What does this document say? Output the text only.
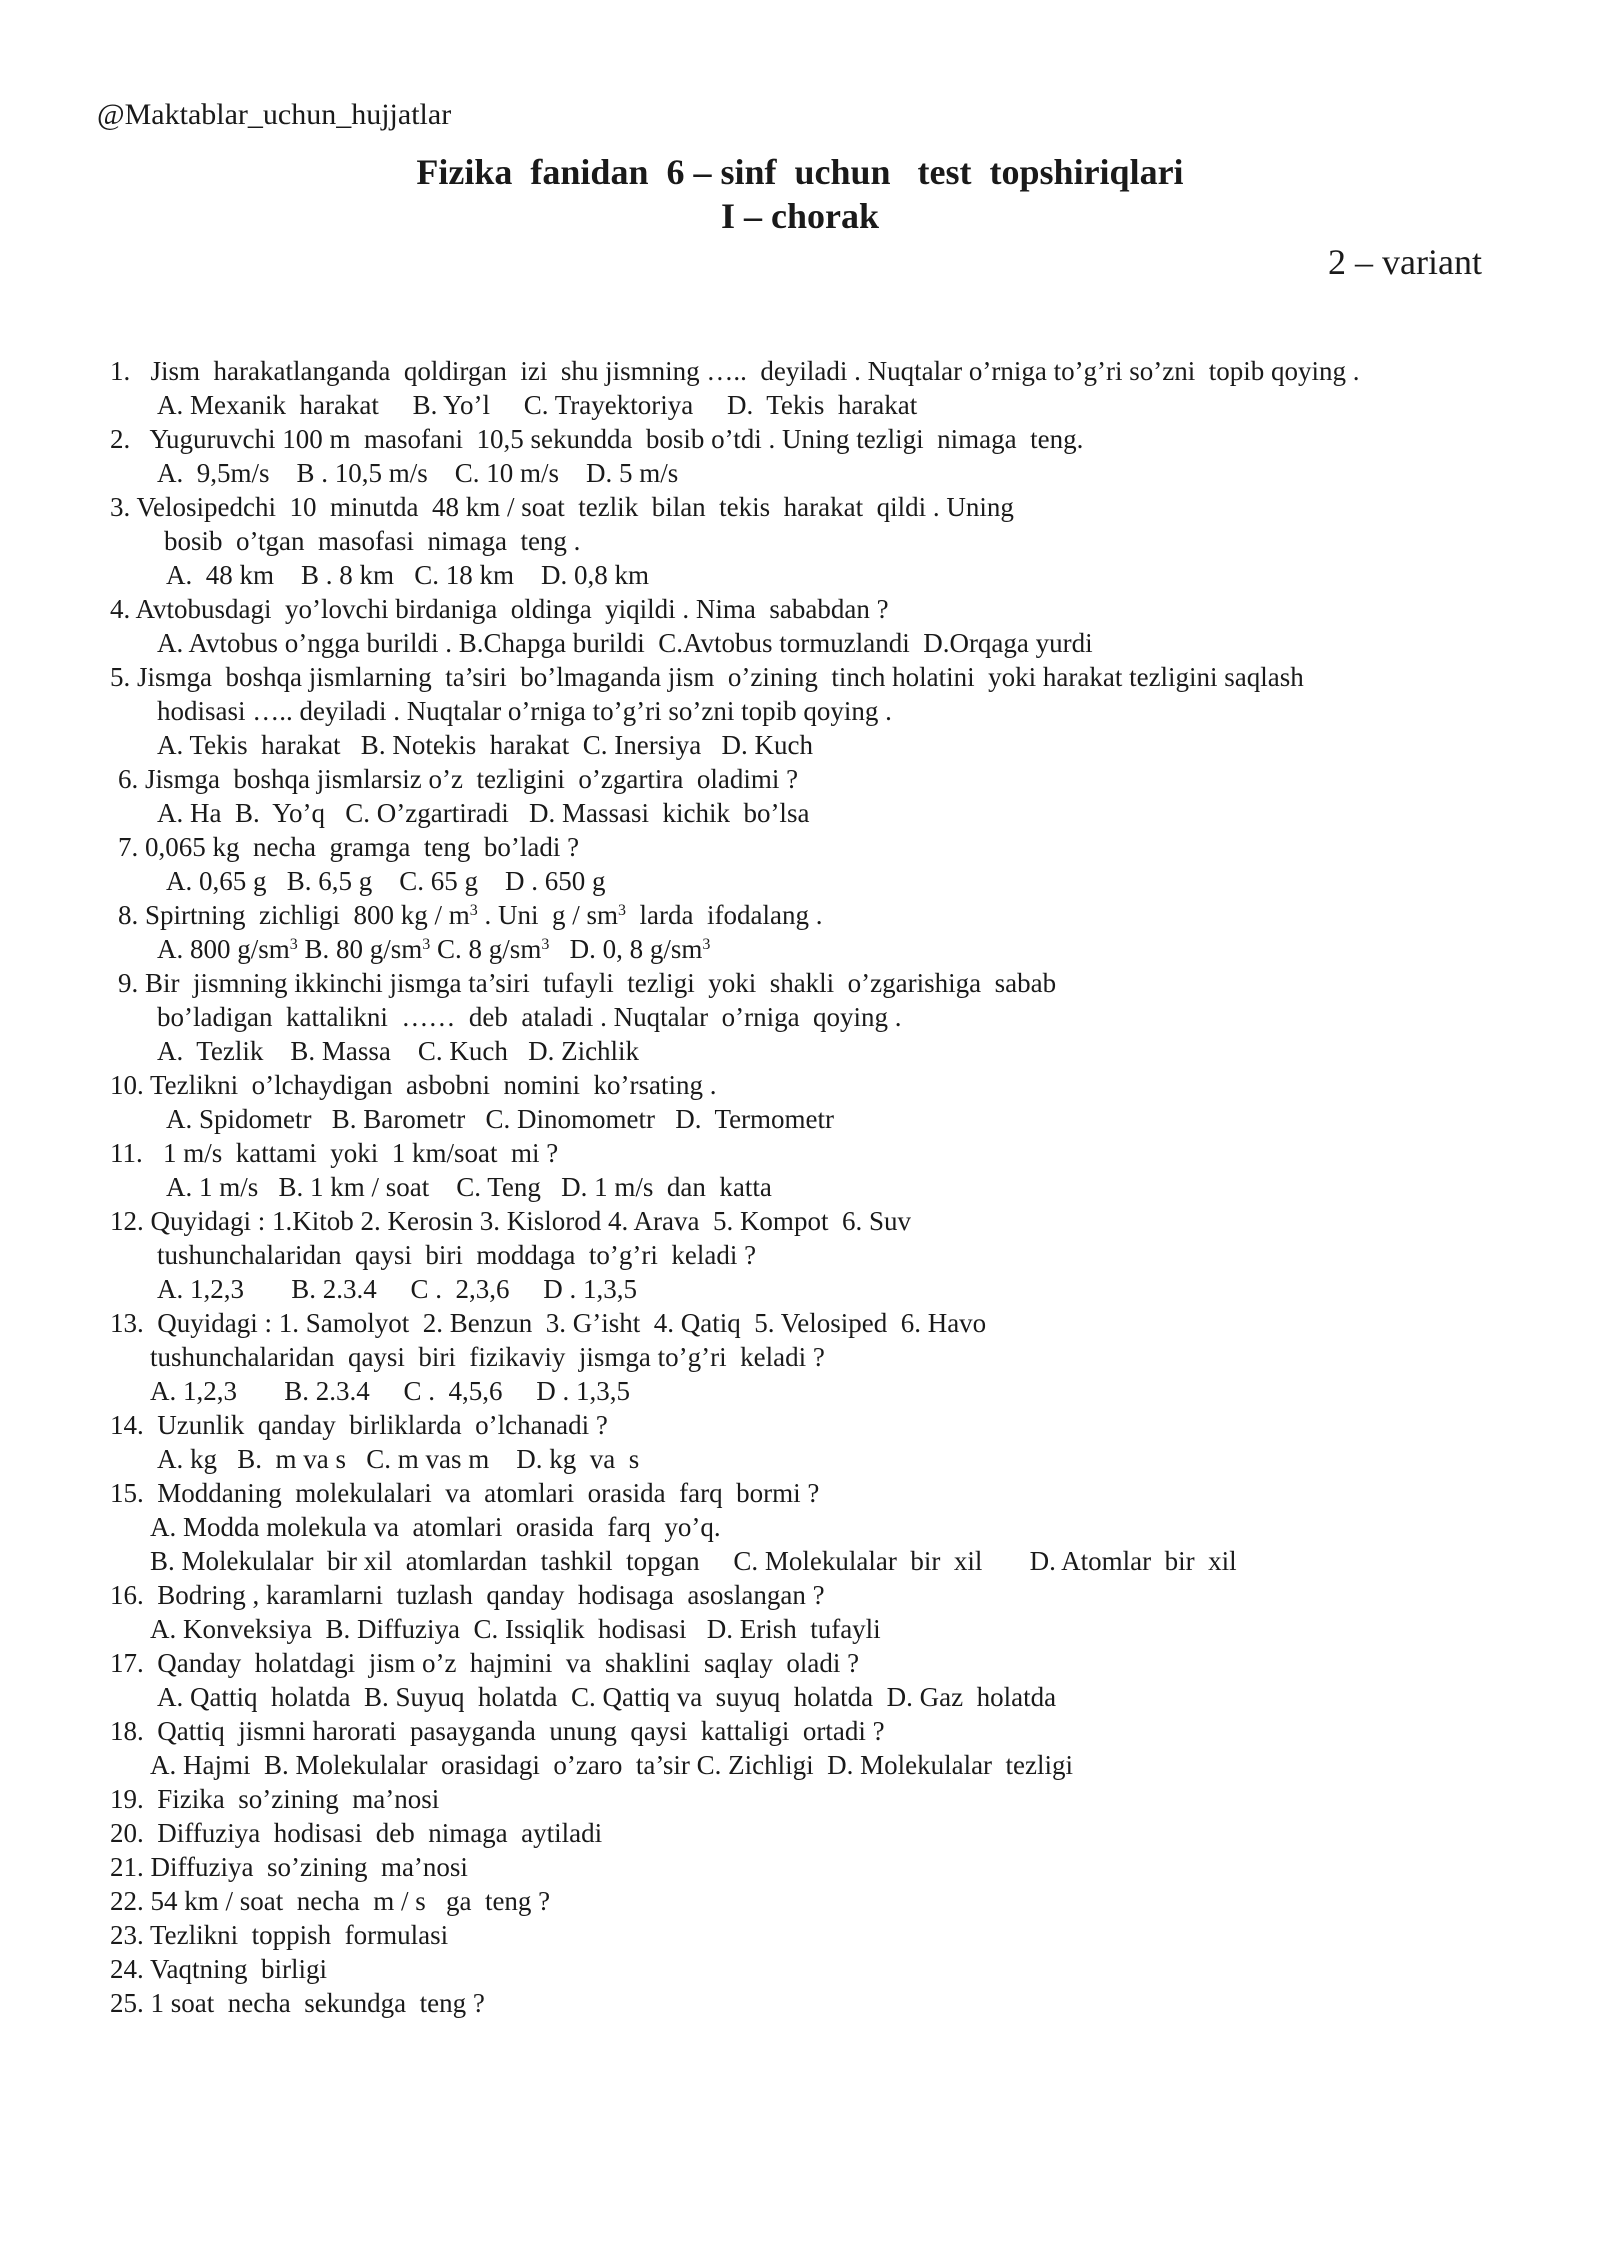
@Maktablar_uchun_hujjatlar
Fizika  fanidan  6 – sinf  uchun   test  topshiriqlari
I – chorak
2 – variant
1.   Jism  harakatlanganda  qoldirgan  izi  shu jismning …..  deyiladi . Nuqtalar o’rniga to’g’ri so’zni  topib qoying .
A. Mexanik  harakat     B. Yo’l     C. Trayektoriya     D.  Tekis  harakat
2.   Yuguruvchi 100 m  masofani  10,5 sekundda  bosib o’tdi . Uning tezligi  nimaga  teng.
A.  9,5m/s    B . 10,5 m/s    C. 10 m/s    D. 5 m/s
3. Velosipedchi  10  minutda  48 km / soat  tezlik  bilan  tekis  harakat  qildi . Uning
bosib  o’tgan  masofasi  nimaga  teng .
A.  48 km    B . 8 km   C. 18 km    D. 0,8 km
4. Avtobusdagi  yo’lovchi birdaniga  oldinga  yiqildi . Nima  sababdan ?
A. Avtobus o’ngga burildi . B.Chapga burildi  C.Avtobus tormuzlandi  D.Orqaga yurdi
5. Jismga  boshqa jismlarning  ta’siri  bo’lmaganda jism  o’zining  tinch holatini  yoki harakat tezligini saqlash
hodisasi ….. deyiladi . Nuqtalar o’rniga to’g’ri so’zni topib qoying .
A. Tekis  harakat   B. Notekis  harakat  C. Inersiya   D. Kuch
6. Jismga  boshqa jismlarsiz o’z  tezligini  o’zgartira  oladimi ?
A. Ha  B.  Yo’q   C. O’zgartiradi   D. Massasi  kichik  bo’lsa
7. 0,065 kg  necha  gramga  teng  bo’ladi ?
A. 0,65 g   B. 6,5 g    C. 65 g    D . 650 g
8. Spirtning  zichligi  800 kg / $m^3$ . Uni  g / $sm^3$  larda  ifodalang .
A. 800 $g/sm^3$ B. 80 $g/sm^3$ C. 8 $g/sm^3$   D. 0, 8 $g/sm^3$
9. Bir  jismning ikkinchi jismga ta’siri  tufayli  tezligi  yoki  shakli  o’zgarishiga  sabab
bo’ladigan  kattalikni  ……  deb  ataladi . Nuqtalar  o’rniga  qoying .
A.  Tezlik    B. Massa    C. Kuch   D. Zichlik
10. Tezlikni  o’lchaydigan  asbobni  nomini  ko’rsating .
A. Spidometr   B. Barometr   C. Dinomometr   D.  Termometr
11.   1 m/s  kattami  yoki  1 km/soat  mi ?
A. 1 m/s   B. 1 km / soat    C. Teng   D. 1 m/s  dan  katta
12. Quyidagi : 1.Kitob 2. Kerosin 3. Kislorod 4. Arava  5. Kompot  6. Suv
tushunchalaridan  qaysi  biri  moddaga  to’g’ri  keladi ?
A. 1,2,3       B. 2.3.4     C .  2,3,6     D . 1,3,5
13.  Quyidagi : 1. Samolyot  2. Benzun  3. G’isht  4. Qatiq  5. Velosiped  6. Havo
tushunchalaridan  qaysi  biri  fizikaviy  jismga to’g’ri  keladi ?
A. 1,2,3       B. 2.3.4     C .  4,5,6     D . 1,3,5
14.  Uzunlik  qanday  birliklarda  o’lchanadi ?
A. kg   B.  m va s   C. m vas m    D. kg  va  s
15.  Moddaning  molekulalari  va  atomlari  orasida  farq  bormi ?
A. Modda molekula va  atomlari  orasida  farq  yo’q.
B. Molekulalar  bir xil  atomlardan  tashkil  topgan     C. Molekulalar  bir  xil       D. Atomlar  bir  xil
16.  Bodring , karamlarni  tuzlash  qanday  hodisaga  asoslangan ?
A. Konveksiya  B. Diffuziya  C. Issiqlik  hodisasi   D. Erish  tufayli
17.  Qanday  holatdagi  jism o’z  hajmini  va  shaklini  saqlay  oladi ?
A. Qattiq  holatda  B. Suyuq  holatda  C. Qattiq va  suyuq  holatda  D. Gaz  holatda
18.  Qattiq  jismni harorati  pasayganda  unung  qaysi  kattaligi  ortadi ?
A. Hajmi  B. Molekulalar  orasidagi  o’zaro  ta’sir C. Zichligi  D. Molekulalar  tezligi
19.  Fizika  so’zining  ma’nosi
20.  Diffuziya  hodisasi  deb  nimaga  aytiladi
21. Diffuziya  so’zining  ma’nosi
22. 54 km / soat  necha  m / s   ga  teng ?
23. Tezlikni  toppish  formulasi
24. Vaqtning  birligi
25. 1 soat  necha  sekundga  teng ?
